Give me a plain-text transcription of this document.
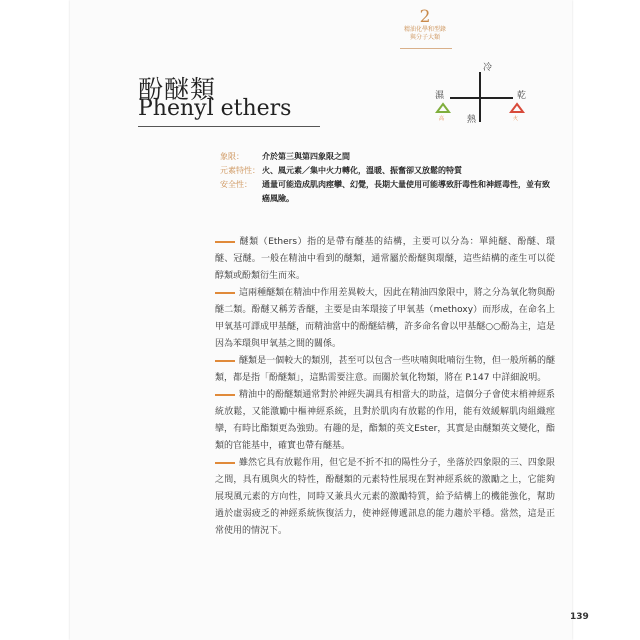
2
精油化學和型錄
與分子大類
酚醚類
Phenyl ethers
冷
濕	乾
熱
高	火
象限：	介於第三與第四象限之間
元素特性： 火、風元素／集中火力轉化，溫暖、振奮卻又放鬆的特質
安全性：	通量可能造成肌肉痙攣、幻覺，長期大量使用可能導致肝毒性和神經毒性，並有致癌風險。

醚類（Ethers）指的是帶有醚基的結構，主要可以分為：單純醚、酚醚、環醚、冠醚。一般在精油中看到的醚類，通常屬於酚醚與環醚，這些結構的產生可以從醇類或酚類衍生而來。

這兩種醚類在精油中作用差異較大，因此在精油四象限中，將之分為氧化物與酚醚二類。酚醚又稱芳香醚，主要是由苯環接了甲氧基（methoxy）而形成，在命名上甲氧基可譯成甲基醚，而精油當中的酚醚結構，許多命名會以甲基醚○○酚為主，這是因為苯環與甲氧基之間的關係。

醚類是一個較大的類別，甚至可以包含一些呋喃與吡喃衍生物，但一般所稱的醚類，都是指「酚醚類」，這點需要注意。而關於氧化物類，將在 P.147 中詳細說明。

精油中的酚醚類通常對於神經失調具有相當大的助益，這個分子會使末梢神經系統放鬆，又能激勵中樞神經系統，且對於肌肉有放鬆的作用，能有效緩解肌肉組織痙攣，有時比酯類更為強勁。有趣的是，酯類的英文Ester，其實是由醚類英文變化，酯類的官能基中，確實也帶有醚基。

雖然它具有放鬆作用，但它是不折不扣的陽性分子，坐落於四象限的三、四象限之間，具有風與火的特性，酚醚類的元素特性展現在對神經系統的激勵之上，它能夠展現風元素的方向性，同時又兼具火元素的激勵特質，給予結構上的機能強化，幫助過於虛弱疲乏的神經系統恢復活力，使神經傳遞訊息的能力趨於平穩。當然，這是正常使用的情況下。

139
